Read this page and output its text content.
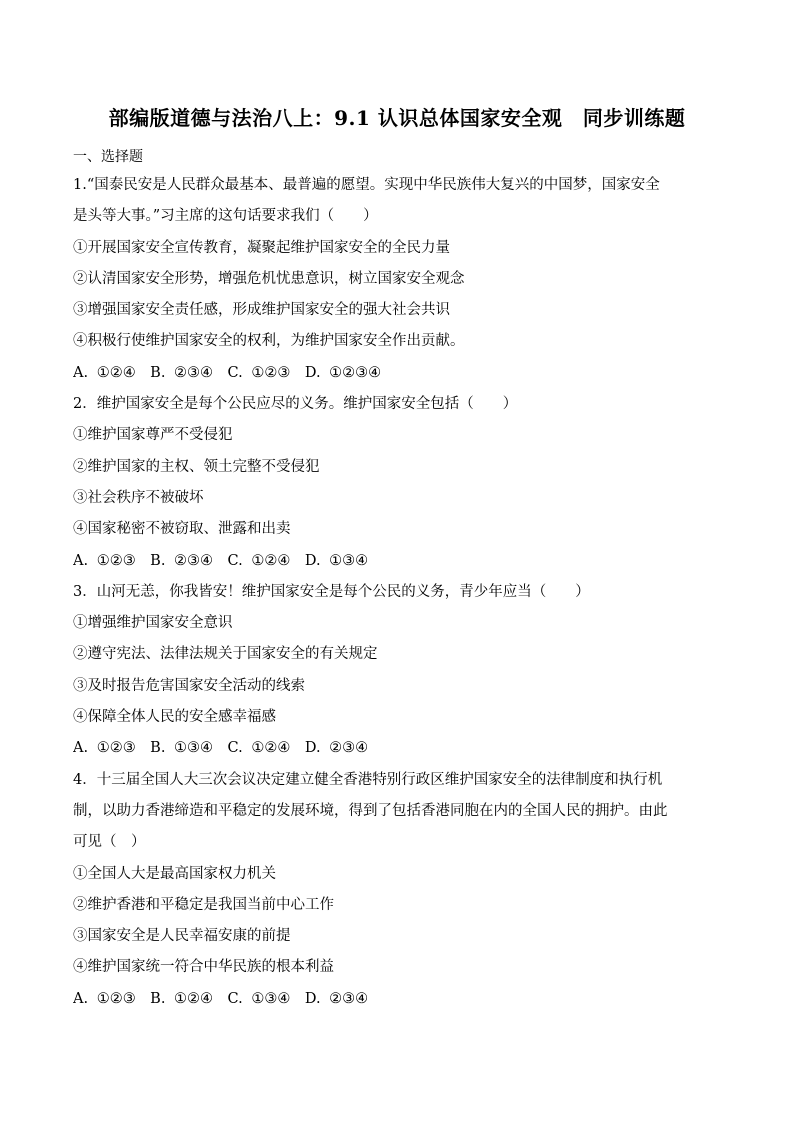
部编版道德与法治八上：9.1 认识总体国家安全观　同步训练题
一、选择题
1.“国泰民安是人民群众最基本、最普遍的愿望。实现中华民族伟大复兴的中国梦，国家安全
是头等大事。”习主席的这句话要求我们（　　）
①开展国家安全宣传教育，凝聚起维护国家安全的全民力量
②认清国家安全形势，增强危机忧患意识，树立国家安全观念
③增强国家安全责任感，形成维护国家安全的强大社会共识
④积极行使维护国家安全的权利，为维护国家安全作出贡献。
A. ①②④　B. ②③④　C. ①②③　D. ①②③④
2．维护国家安全是每个公民应尽的义务。维护国家安全包括（　　）
①维护国家尊严不受侵犯
②维护国家的主权、领土完整不受侵犯
③社会秩序不被破坏
④国家秘密不被窃取、泄露和出卖
A. ①②③　B. ②③④　C. ①②④　D. ①③④
3．山河无恙，你我皆安！维护国家安全是每个公民的义务，青少年应当（　　）
①增强维护国家安全意识
②遵守宪法、法律法规关于国家安全的有关规定
③及时报告危害国家安全活动的线索
④保障全体人民的安全感幸福感
A. ①②③　B. ①③④　C. ①②④　D. ②③④
4．十三届全国人大三次会议决定建立健全香港特别行政区维护国家安全的法律制度和执行机
制，以助力香港缔造和平稳定的发展环境，得到了包括香港同胞在内的全国人民的拥护。由此
可见（　）
①全国人大是最高国家权力机关
②维护香港和平稳定是我国当前中心工作
③国家安全是人民幸福安康的前提
④维护国家统一符合中华民族的根本利益
A. ①②③　B. ①②④　C. ①③④　D. ②③④
